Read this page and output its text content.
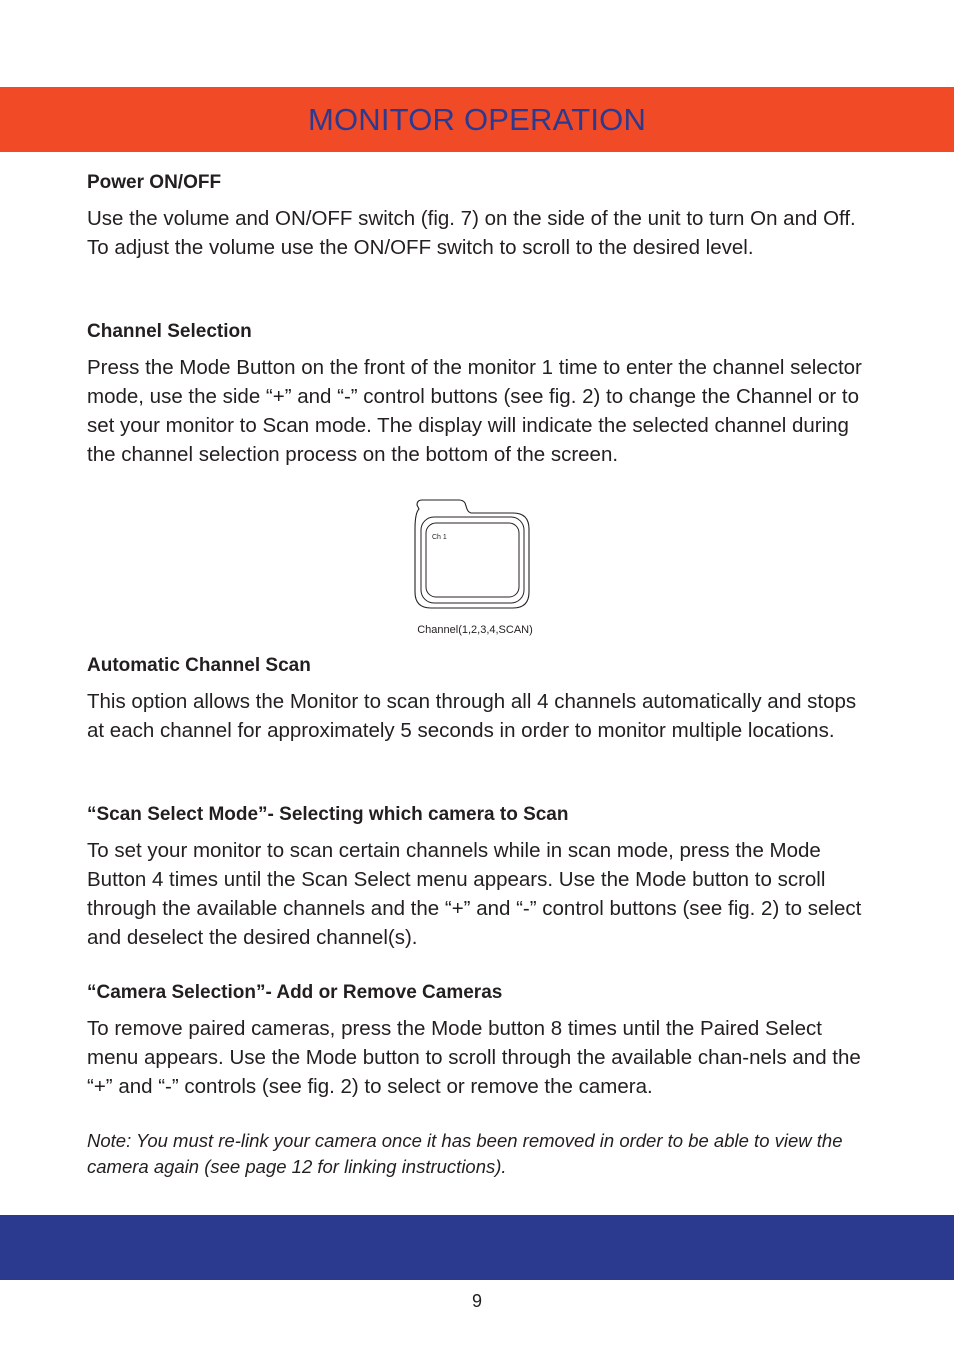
MONITOR OPERATION

Power ON/OFF

Use the volume and ON/OFF switch (fig. 7) on the side of the unit to turn On and Off. To adjust the volume use the ON/OFF switch to scroll to the desired level.

Channel Selection

Press the Mode Button on the front of the monitor 1 time to enter the channel selector mode, use the side “+” and “-” control buttons (see fig. 2) to change the Channel or to set your monitor to Scan mode. The display will indicate the selected channel during the channel selection process on the bottom of the screen.

Ch 1
Channel(1,2,3,4,SCAN)

Automatic Channel Scan

This option allows the Monitor to scan through all 4 channels automatically and stops at each channel for approximately 5 seconds in order to monitor multiple locations.

“Scan Select Mode”- Selecting which camera to Scan

To set your monitor to scan certain channels while in scan mode, press the Mode Button 4 times until the Scan Select menu appears. Use the Mode button to scroll through the available channels and the “+” and “-” control buttons (see fig. 2) to select and deselect the desired channel(s).

“Camera Selection”- Add or Remove Cameras

To remove paired cameras, press the Mode button 8 times until the Paired Select menu appears. Use the Mode button to scroll through the available chan-nels and the “+” and “-” controls (see fig. 2) to select or remove the camera.

Note: You must re-link your camera once it has been removed in order to be able to view the camera again (see page 12 for linking instructions).

9
